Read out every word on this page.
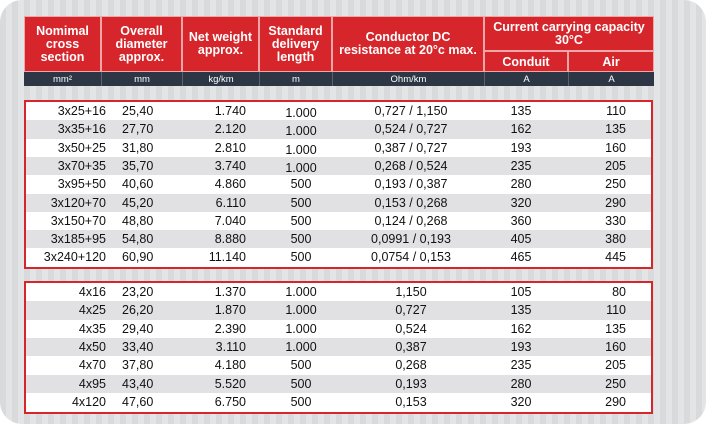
Nomimal cross section
Overall diameter approx.
Net weight approx.
Standard delivery length
Conductor DC resistance at 20°c max.
Current carrying capacity 30°C
Conduit	Air
mm²	mm	kg/km	m	Ohm/km	A	A
3x25+16 25,40	1.740	1.000	0,727 / 1,150	135	110
3x35+16 27,70	2.120	1.000	0,524 / 0,727	162	135
3x50+25 31,80	2.810	1.000	0,387 / 0,727	193	160
3x70+35 35,70	3.740	1.000	0,268 / 0,524	235	205
3x95+50 40,60	4.860	500	0,193 / 0,387	280	250
3x120+70 45,20	6.110	500	0,153 / 0,268	320	290
3x150+70 48,80	7.040	500	0,124 / 0,268	360	330
3x185+95 54,80	8.880	500	0,0991 / 0,193	405	380
3x240+120 60,90	11.140	500	0,0754 / 0,153	465	445
4x16 23,20	1.370	1.000	1,150	105	80
4x25 26,20	1.870	1.000	0,727	135	110
4x35 29,40	2.390	1.000	0,524	162	135
4x50 33,40	3.110	1.000	0,387	193	160
4x70 37,80	4.180	500	0,268	235	205
4x95 43,40	5.520	500	0,193	280	250
4x120 47,60	6.750	500	0,153	320	290
